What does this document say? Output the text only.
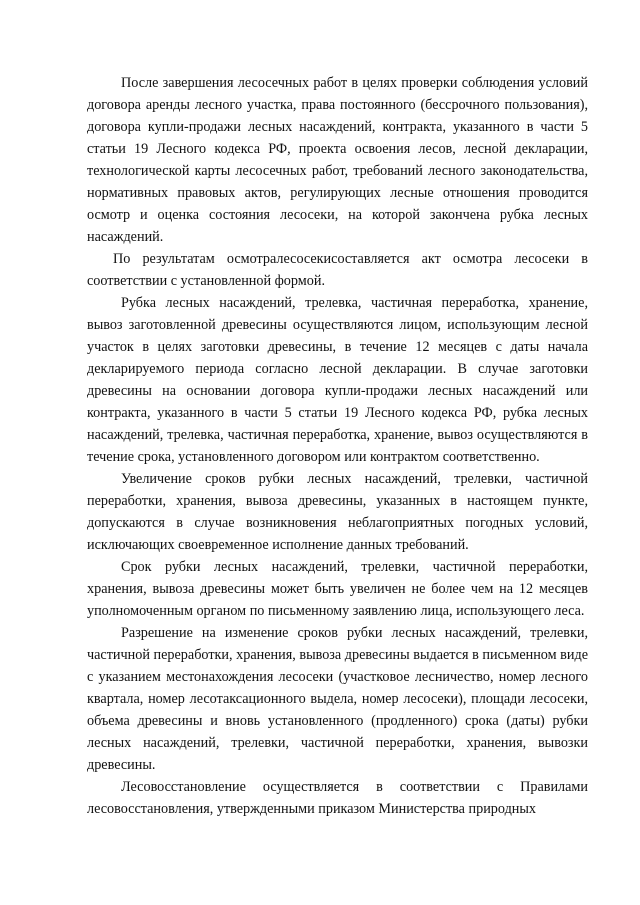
После завершения лесосечных работ в целях проверки соблюдения условий договора аренды лесного участка, права постоянного (бессрочного пользования), договора купли-продажи лесных насаждений, контракта, указанного в части 5 статьи 19 Лесного кодекса РФ, проекта освоения лесов, лесной декларации, технологической карты лесосечных работ, требований лесного законодательства, нормативных правовых актов, регулирующих лесные отношения проводится осмотр и оценка состояния лесосеки, на которой закончена рубка лесных насаждений.

По результатам осмотралесосекисоставляется акт осмотра лесосеки в соответствии с установленной формой.

Рубка лесных насаждений, трелевка, частичная переработка, хранение, вывоз заготовленной древесины осуществляются лицом, использующим лесной участок в целях заготовки древесины, в течение 12 месяцев с даты начала декларируемого периода согласно лесной декларации. В случае заготовки древесины на основании договора купли-продажи лесных насаждений или контракта, указанного в части 5 статьи 19 Лесного кодекса РФ, рубка лесных насаждений, трелевка, частичная переработка, хранение, вывоз осуществляются в течение срока, установленного договором или контрактом соответственно.

Увеличение сроков рубки лесных насаждений, трелевки, частичной переработки, хранения, вывоза древесины, указанных в настоящем пункте, допускаются в случае возникновения неблагоприятных погодных условий, исключающих своевременное исполнение данных требований.

Срок рубки лесных насаждений, трелевки, частичной переработки, хранения, вывоза древесины может быть увеличен не более чем на 12 месяцев уполномоченным органом по письменному заявлению лица, использующего леса.

Разрешение на изменение сроков рубки лесных насаждений, трелевки, частичной переработки, хранения, вывоза древесины выдается в письменном виде с указанием местонахождения лесосеки (участковое лесничество, номер лесного квартала, номер лесотаксационного выдела, номер лесосеки), площади лесосеки, объема древесины и вновь установленного (продленного) срока (даты) рубки лесных насаждений, трелевки, частичной переработки, хранения, вывозки древесины.

Лесовосстановление осуществляется в соответствии с Правилами лесовосстановления, утвержденными приказом Министерства природных
